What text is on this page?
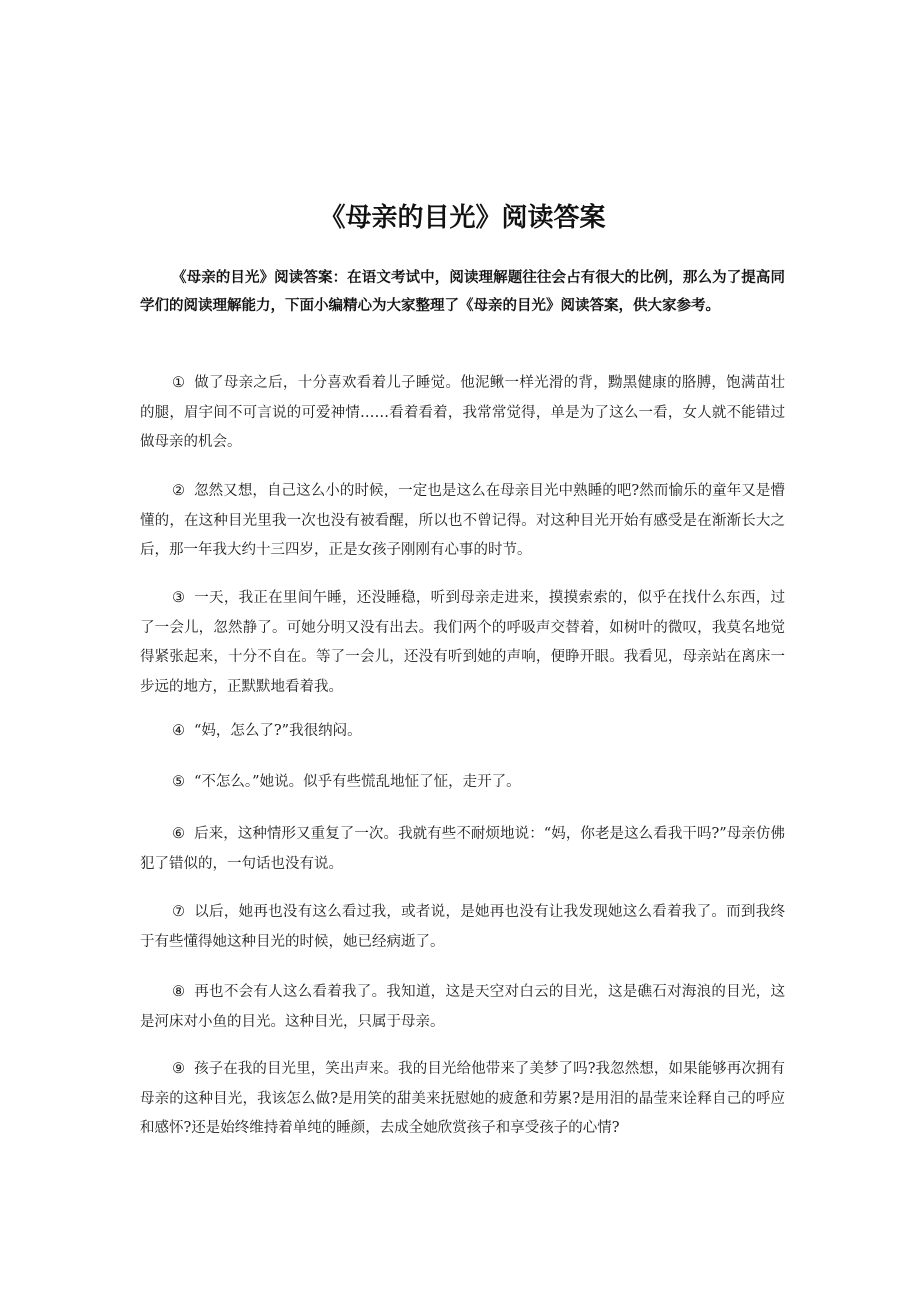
《母亲的目光》阅读答案

《母亲的目光》阅读答案：在语文考试中，阅读理解题往往会占有很大的比例，那么为了提高同学们的阅读理解能力，下面小编精心为大家整理了《母亲的目光》阅读答案，供大家参考。

① 做了母亲之后，十分喜欢看着儿子睡觉。他泥鳅一样光滑的背，黝黑健康的胳膊，饱满苗壮的腿，眉宇间不可言说的可爱神情……看着看着，我常常觉得，单是为了这么一看，女人就不能错过做母亲的机会。

② 忽然又想，自己这么小的时候，一定也是这么在母亲目光中熟睡的吧?然而愉乐的童年又是懵懂的，在这种目光里我一次也没有被看醒，所以也不曾记得。对这种目光开始有感受是在渐渐长大之后，那一年我大约十三四岁，正是女孩子刚刚有心事的时节。

③ 一天，我正在里间午睡，还没睡稳，听到母亲走进来，摸摸索索的，似乎在找什么东西，过了一会儿，忽然静了。可她分明又没有出去。我们两个的呼吸声交替着，如树叶的微叹，我莫名地觉得紧张起来，十分不自在。等了一会儿，还没有听到她的声响，便睁开眼。我看见，母亲站在离床一步远的地方，正默默地看着我。

④ “妈，怎么了?”我很纳闷。

⑤ “不怎么。”她说。似乎有些慌乱地怔了怔，走开了。

⑥ 后来，这种情形又重复了一次。我就有些不耐烦地说：“妈，你老是这么看我干吗?”母亲仿佛犯了错似的，一句话也没有说。

⑦ 以后，她再也没有这么看过我，或者说，是她再也没有让我发现她这么看着我了。而到我终于有些懂得她这种目光的时候，她已经病逝了。

⑧ 再也不会有人这么看着我了。我知道，这是天空对白云的目光，这是礁石对海浪的目光，这是河床对小鱼的目光。这种目光，只属于母亲。

⑨ 孩子在我的目光里，笑出声来。我的目光给他带来了美梦了吗?我忽然想，如果能够再次拥有母亲的这种目光，我该怎么做?是用笑的甜美来抚慰她的疲惫和劳累?是用泪的晶莹来诠释自己的呼应和感怀?还是始终维持着单纯的睡颜，去成全她欣赏孩子和享受孩子的心情?
